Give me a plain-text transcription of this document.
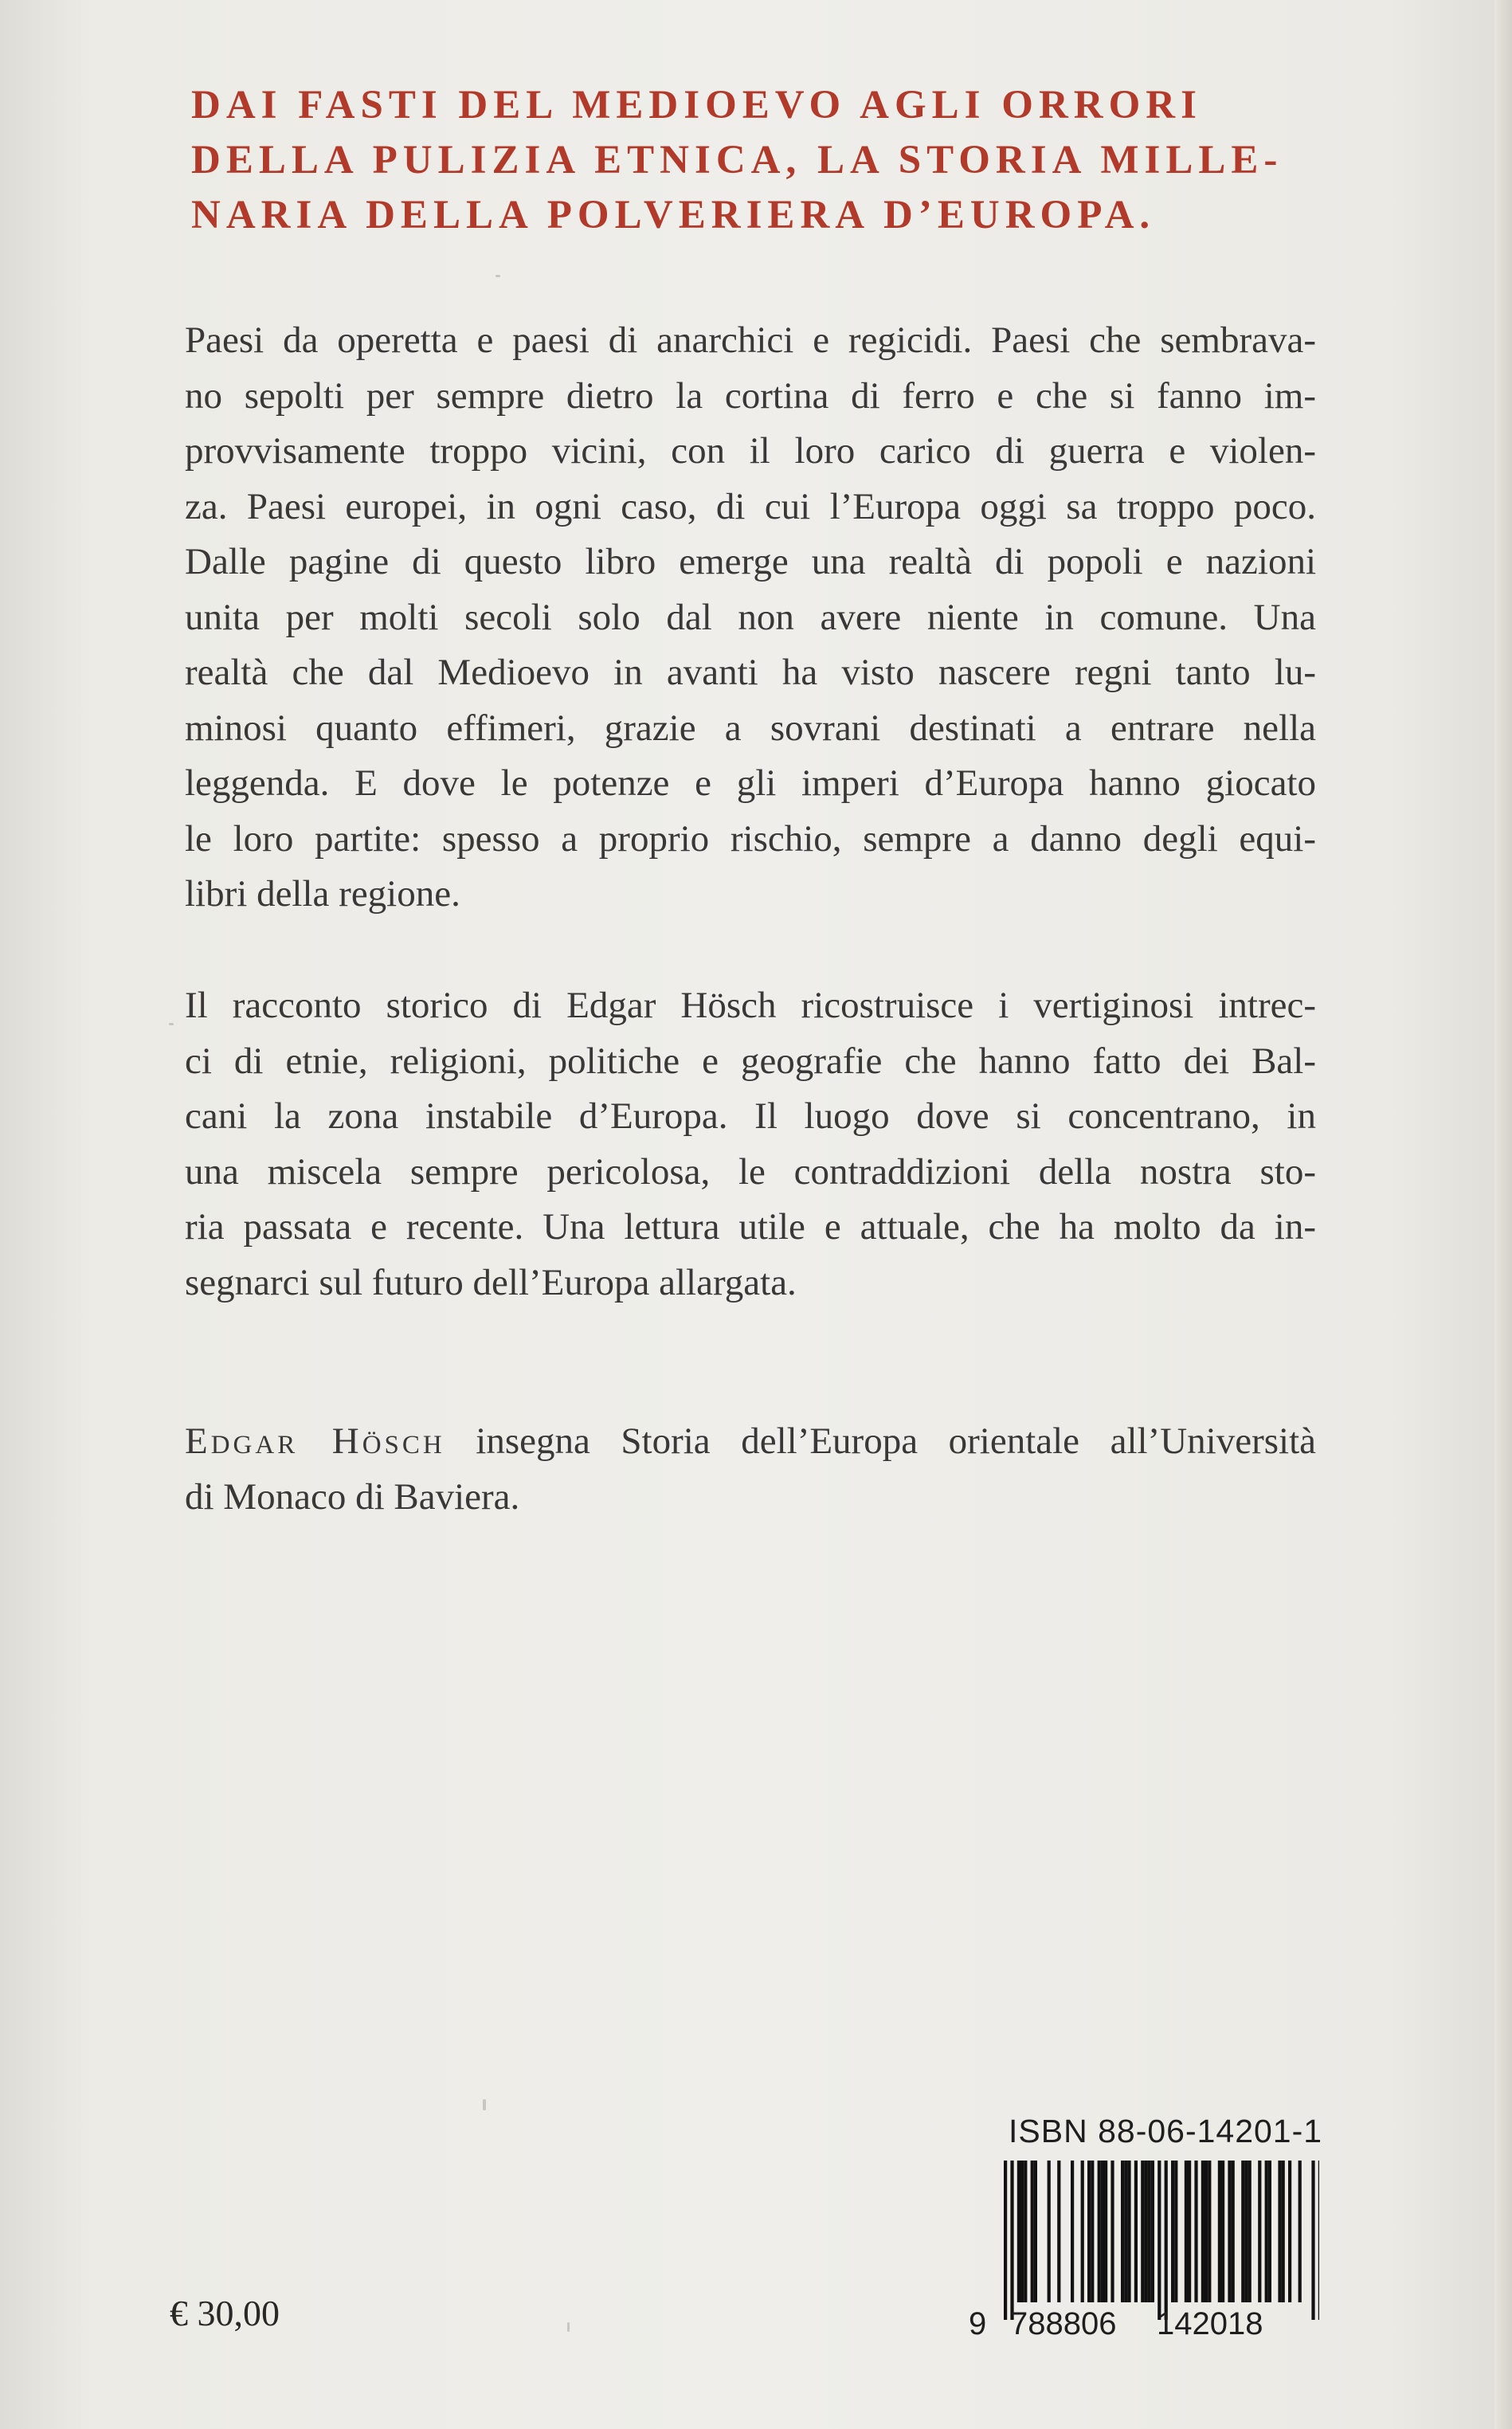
DAI FASTI DEL MEDIOEVO AGLI ORRORI
DELLA PULIZIA ETNICA, LA STORIA MILLE-
NARIA DELLA POLVERIERA D’EUROPA.
Paesi da operetta e paesi di anarchici e regicidi. Paesi che sembrava-
no sepolti per sempre dietro la cortina di ferro e che si fanno im-
provvisamente troppo vicini, con il loro carico di guerra e violen-
za. Paesi europei, in ogni caso, di cui l’Europa oggi sa troppo poco.
Dalle pagine di questo libro emerge una realtà di popoli e nazioni
unita per molti secoli solo dal non avere niente in comune. Una
realtà che dal Medioevo in avanti ha visto nascere regni tanto lu-
minosi quanto effimeri, grazie a sovrani destinati a entrare nella
leggenda. E dove le potenze e gli imperi d’Europa hanno giocato
le loro partite: spesso a proprio rischio, sempre a danno degli equi-
libri della regione.
Il racconto storico di Edgar Hösch ricostruisce i vertiginosi intrec-
ci di etnie, religioni, politiche e geografie che hanno fatto dei Bal-
cani la zona instabile d’Europa. Il luogo dove si concentrano, in
una miscela sempre pericolosa, le contraddizioni della nostra sto-
ria passata e recente. Una lettura utile e attuale, che ha molto da in-
segnarci sul futuro dell’Europa allargata.
Edgar Hösch insegna Storia dell’Europa orientale all’Università
di Monaco di Baviera.
ISBN 88-06-14201-1
9 788806 142018
€ 30,00
